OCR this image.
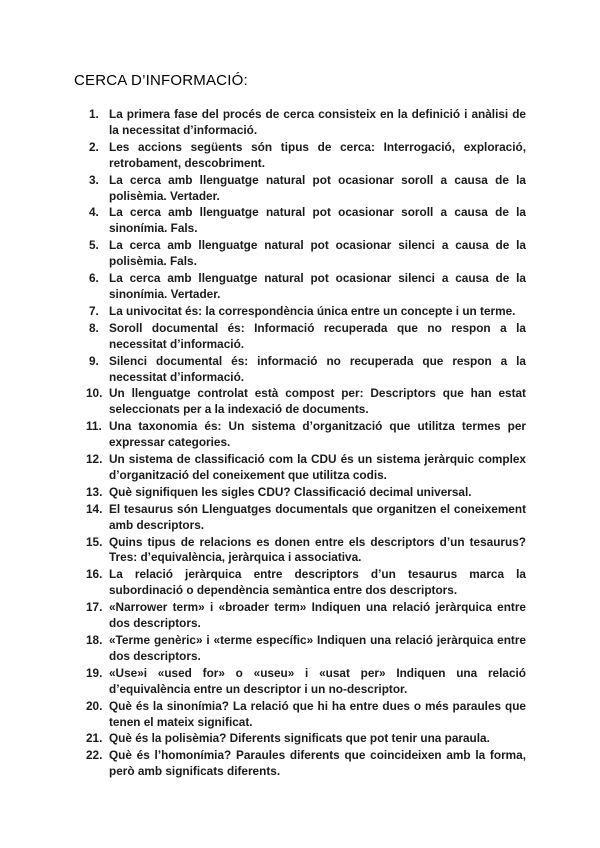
CERCA D’INFORMACIÓ:
1. La primera fase del procés de cerca consisteix en la definició i anàlisi de la necessitat d’informació.
2. Les accions següents són tipus de cerca: Interrogació, exploració, retrobament, descobriment.
3. La cerca amb llenguatge natural pot ocasionar soroll a causa de la polisèmia. Vertader.
4. La cerca amb llenguatge natural pot ocasionar soroll a causa de la sinonímia. Fals.
5. La cerca amb llenguatge natural pot ocasionar silenci a causa de la polisèmia. Fals.
6. La cerca amb llenguatge natural pot ocasionar silenci a causa de la sinonímia. Vertader.
7. La univocitat és: la correspondència única entre un concepte i un terme.
8. Soroll documental és: Informació recuperada que no respon a la necessitat d’informació.
9. Silenci documental és: informació no recuperada que respon a la necessitat d’informació.
10. Un llenguatge controlat està compost per: Descriptors que han estat seleccionats per a la indexació de documents.
11. Una taxonomia és: Un sistema d’organització que utilitza termes per expressar categories.
12. Un sistema de classificació com la CDU és un sistema jeràrquic complex d’organització del coneixement que utilitza codis.
13. Què signifiquen les sigles CDU? Classificació decimal universal.
14. El tesaurus són Llenguatges documentals que organitzen el coneixement amb descriptors.
15. Quins tipus de relacions es donen entre els descriptors d’un tesaurus? Tres: d’equivalència, jeràrquica i associativa.
16. La relació jeràrquica entre descriptors d’un tesaurus marca la subordinació o dependència semàntica entre dos descriptors.
17. «Narrower term» i «broader term» Indiquen una relació jeràrquica entre dos descriptors.
18. «Terme genèric» i «terme específic» Indiquen una relació jeràrquica entre dos descriptors.
19. «Use»i «used for» o «useu» i «usat per» Indiquen una relació d’equivalència entre un descriptor i un no-descriptor.
20. Què és la sinonímia? La relació que hi ha entre dues o més paraules que tenen el mateix significat.
21. Què és la polisèmia? Diferents significats que pot tenir una paraula.
22. Què és l’homonímia? Paraules diferents que coincideixen amb la forma, però amb significats diferents.
